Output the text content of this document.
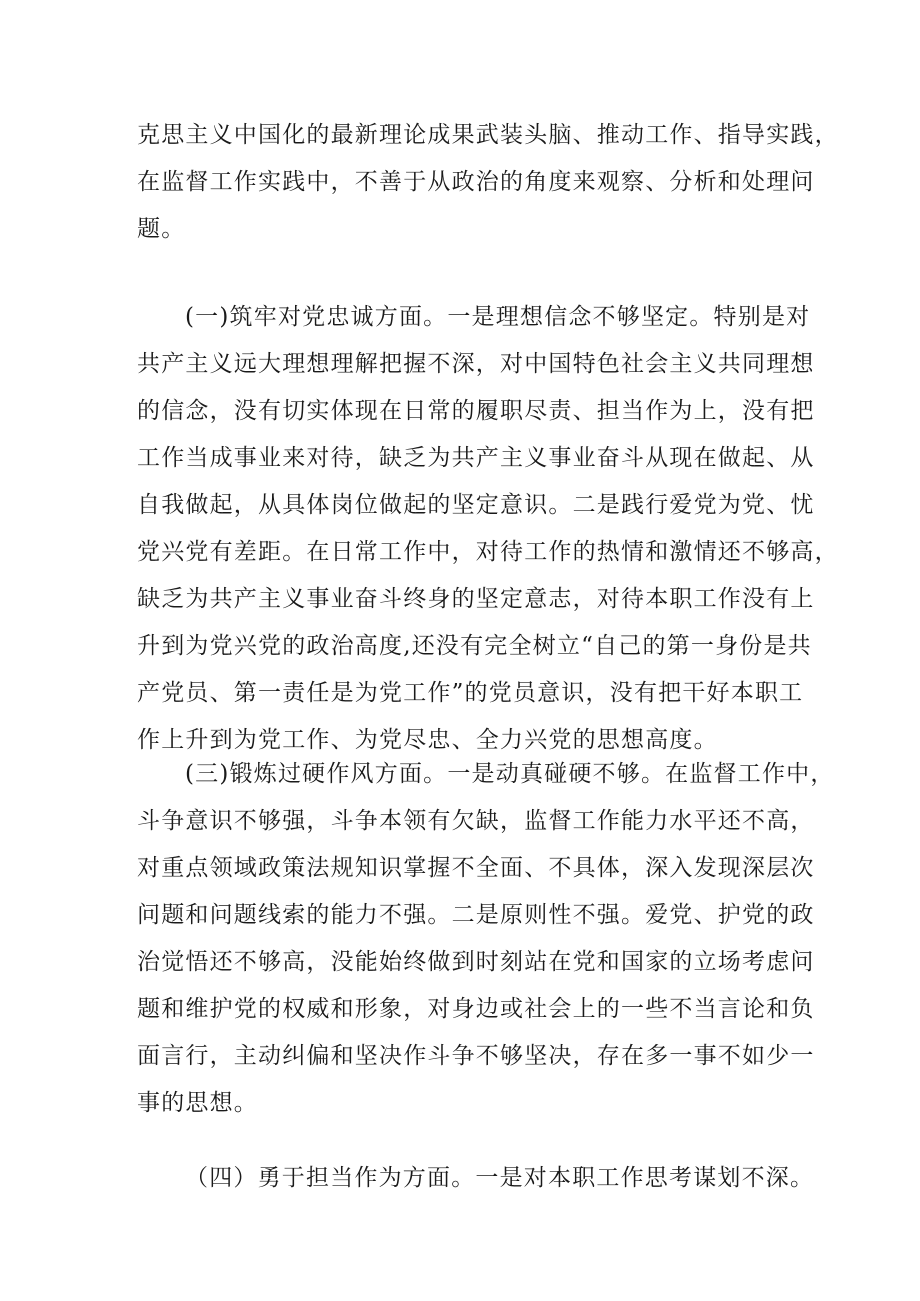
克思主义中国化的最新理论成果武装头脑、推动工作、指导实践，
在监督工作实践中，不善于从政治的角度来观察、分析和处理问
题。
(一)筑牢对党忠诚方面。一是理想信念不够坚定。特别是对
共产主义远大理想理解把握不深，对中国特色社会主义共同理想
的信念，没有切实体现在日常的履职尽责、担当作为上，没有把
工作当成事业来对待，缺乏为共产主义事业奋斗从现在做起、从
自我做起，从具体岗位做起的坚定意识。二是践行爱党为党、忧
党兴党有差距。在日常工作中，对待工作的热情和激情还不够高，
缺乏为共产主义事业奋斗终身的坚定意志，对待本职工作没有上
升到为党兴党的政治高度,还没有完全树立“自己的第一身份是共
产党员、第一责任是为党工作”的党员意识，没有把干好本职工
作上升到为党工作、为党尽忠、全力兴党的思想高度。
(三)锻炼过硬作风方面。一是动真碰硬不够。在监督工作中，
斗争意识不够强，斗争本领有欠缺，监督工作能力水平还不高，
对重点领域政策法规知识掌握不全面、不具体，深入发现深层次
问题和问题线索的能力不强。二是原则性不强。爱党、护党的政
治觉悟还不够高，没能始终做到时刻站在党和国家的立场考虑问
题和维护党的权威和形象，对身边或社会上的一些不当言论和负
面言行，主动纠偏和坚决作斗争不够坚决，存在多一事不如少一
事的思想。
（四）勇于担当作为方面。一是对本职工作思考谋划不深。
